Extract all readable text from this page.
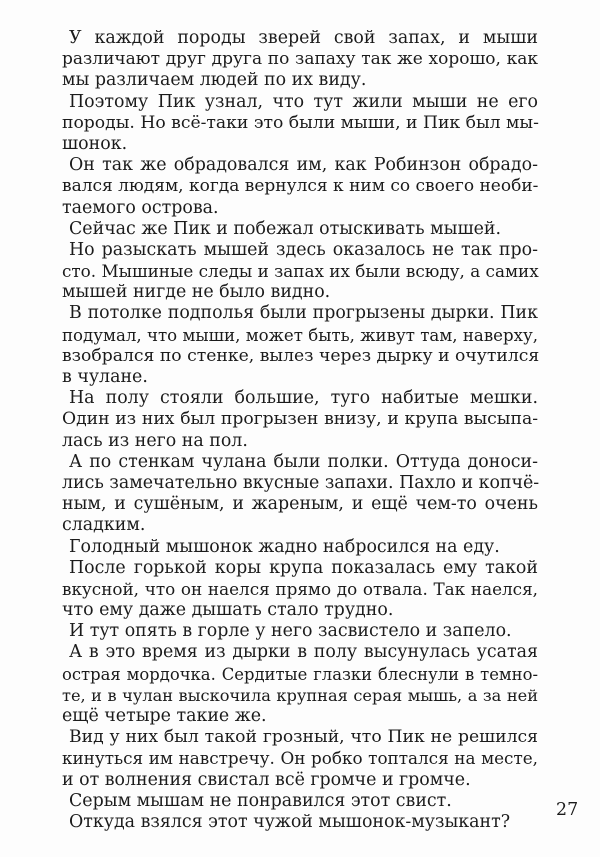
У каждой породы зверей свой запах, и мыши
различают друг друга по запаху так же хорошо, как
мы различаем людей по их виду.
Поэтому Пик узнал, что тут жили мыши не его
породы. Но всё-таки это были мыши, и Пик был мы-
шонок.
Он так же обрадовался им, как Робинзон обрадо-
вался людям, когда вернулся к ним со своего необи-
таемого острова.
Сейчас же Пик и побежал отыскивать мышей.
Но разыскать мышей здесь оказалось не так про-
сто. Мышиные следы и запах их были всюду, а самих
мышей нигде не было видно.
В потолке подполья были прогрызены дырки. Пик
подумал, что мыши, может быть, живут там, наверху,
взобрался по стенке, вылез через дырку и очутился
в чулане.
На полу стояли большие, туго набитые мешки.
Один из них был прогрызен внизу, и крупа высыпа-
лась из него на пол.
А по стенкам чулана были полки. Оттуда доноси-
лись замечательно вкусные запахи. Пахло и копчё-
ным, и сушёным, и жареным, и ещё чем-то очень
сладким.
Голодный мышонок жадно набросился на еду.
После горькой коры крупа показалась ему такой
вкусной, что он наелся прямо до отвала. Так наелся,
что ему даже дышать стало трудно.
И тут опять в горле у него засвистело и запело.
А в это время из дырки в полу высунулась усатая
острая мордочка. Сердитые глазки блеснули в темно-
те, и в чулан выскочила крупная серая мышь, а за ней
ещё четыре такие же.
Вид у них был такой грозный, что Пик не решился
кинуться им навстречу. Он робко топтался на месте,
и от волнения свистал всё громче и громче.
Серым мышам не понравился этот свист.
Откуда взялся этот чужой мышонок-музыкант?
27
